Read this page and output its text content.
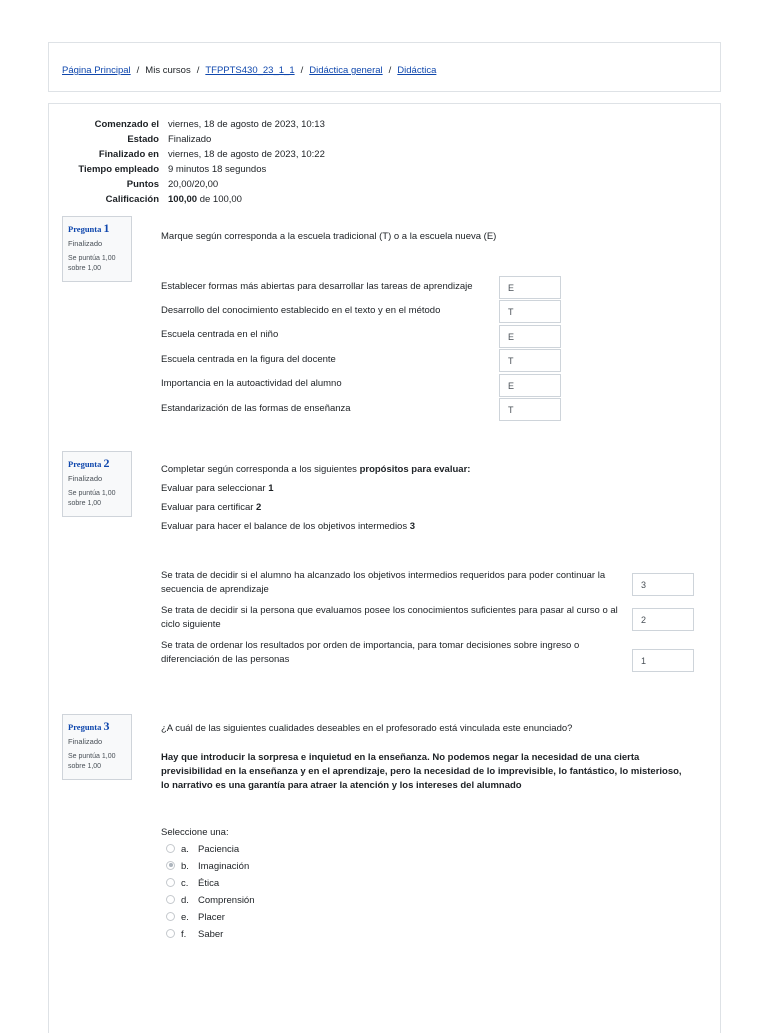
Página Principal / Mis cursos / TFPPTS430_23_1_1 / Didáctica general / Didáctica
Comenzado el viernes, 18 de agosto de 2023, 10:13
Estado Finalizado
Finalizado en viernes, 18 de agosto de 2023, 10:22
Tiempo empleado 9 minutos 18 segundos
Puntos 20,00/20,00
Calificación 100,00 de 100,00
Pregunta 1
Finalizado
Se puntúa 1,00
sobre 1,00
Marque según corresponda a la escuela tradicional (T) o a la escuela nueva (E)
Establecer formas más abiertas para desarrollar las tareas de aprendizaje	E
Desarrollo del conocimiento establecido en el texto y en el método	T
Escuela centrada en el niño	E
Escuela centrada en la figura del docente	T
Importancia en la autoactividad del alumno	E
Estandarización de las formas de enseñanza	T
Pregunta 2
Finalizado
Se puntúa 1,00
sobre 1,00
Completar según corresponda a los siguientes propósitos para evaluar:
Evaluar para seleccionar 1
Evaluar para certificar 2
Evaluar para hacer el balance de los objetivos intermedios 3
Se trata de decidir si el alumno ha alcanzado los objetivos intermedios requeridos para poder continuar la secuencia de aprendizaje	3
Se trata de decidir si la persona que evaluamos posee los conocimientos suficientes para pasar al curso o al ciclo siguiente	2
Se trata de ordenar los resultados por orden de importancia, para tomar decisiones sobre ingreso o diferenciación de las personas	1
Pregunta 3
Finalizado
Se puntúa 1,00
sobre 1,00
¿A cuál de las siguientes cualidades deseables en el profesorado está vinculada este enunciado?
Hay que introducir la sorpresa e inquietud en la enseñanza. No podemos negar la necesidad de una cierta previsibilidad en la enseñanza y en el aprendizaje, pero la necesidad de lo imprevisible, lo fantástico, lo misterioso, lo narrativo es una garantía para atraer la atención y los intereses del alumnado
Seleccione una:
a. Paciencia
b. Imaginación
c. Ética
d. Comprensión
e. Placer
f. Saber
